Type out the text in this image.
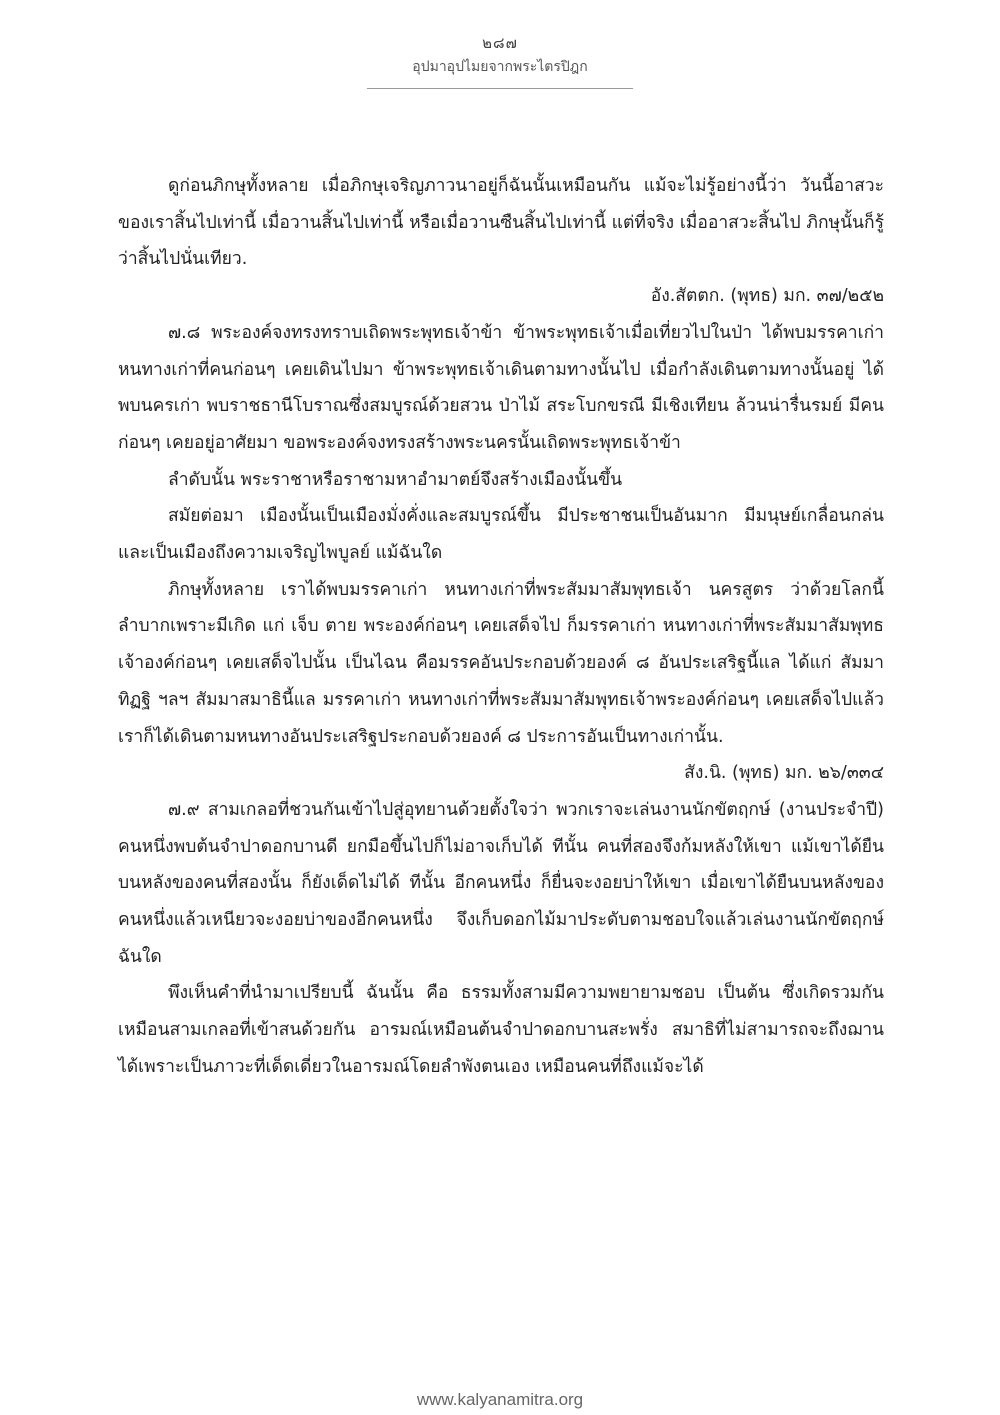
๒๘๗
อุปมาอุปไมยจากพระไตรปิฎก

ดูก่อนภิกษุทั้งหลาย เมื่อภิกษุเจริญภาวนาอยู่ก็ฉันนั้นเหมือนกัน แม้จะไม่รู้อย่างนี้ว่า วันนี้อาสวะของเราสิ้นไปเท่านี้ เมื่อวานสิ้นไปเท่านี้ หรือเมื่อวานซืนสิ้นไปเท่านี้ แต่ที่จริง เมื่ออาสวะสิ้นไป ภิกษุนั้นก็รู้ว่าสิ้นไปนั่นเทียว.

อัง.สัตตก. (พุทธ) มก. ๓๗/๒๕๒

๗.๘ พระองค์จงทรงทราบเถิดพระพุทธเจ้าข้า ข้าพระพุทธเจ้าเมื่อเที่ยวไปในป่า ได้พบมรรคาเก่า หนทางเก่าที่คนก่อนๆ เคยเดินไปมา ข้าพระพุทธเจ้าเดินตามทางนั้นไป เมื่อกำลังเดินตามทางนั้นอยู่ ได้พบนครเก่า พบราชธานีโบราณซึ่งสมบูรณ์ด้วยสวน ป่าไม้ สระโบกขรณี มีเชิงเทียน ล้วนน่ารื่นรมย์ มีคนก่อนๆ เคยอยู่อาศัยมา ขอพระองค์จงทรงสร้างพระนครนั้นเถิดพระพุทธเจ้าข้า

ลำดับนั้น พระราชาหรือราชามหาอำมาตย์จึงสร้างเมืองนั้นขึ้น

สมัยต่อมา เมืองนั้นเป็นเมืองมั่งคั่งและสมบูรณ์ขึ้น มีประชาชนเป็นอันมาก มีมนุษย์เกลื่อนกล่น และเป็นเมืองถึงความเจริญไพบูลย์ แม้ฉันใด

ภิกษุทั้งหลาย เราได้พบมรรคาเก่า หนทางเก่าที่พระสัมมาสัมพุทธเจ้า นครสูตร ว่าด้วยโลกนี้ลำบากเพราะมีเกิด แก่ เจ็บ ตาย พระองค์ก่อนๆ เคยเสด็จไป ก็มรรคาเก่า หนทางเก่าที่พระสัมมาสัมพุทธเจ้าองค์ก่อนๆ เคยเสด็จไปนั้น เป็นไฉน คือมรรคอันประกอบด้วยองค์ ๘ อันประเสริฐนี้แล ได้แก่ สัมมาทิฏฐิ ฯลฯ สัมมาสมาธินี้แล มรรคาเก่า หนทางเก่าที่พระสัมมาสัมพุทธเจ้าพระองค์ก่อนๆ เคยเสด็จไปแล้ว เราก็ได้เดินตามหนทางอันประเสริฐประกอบด้วยองค์ ๘ ประการอันเป็นทางเก่านั้น.

สัง.นิ. (พุทธ) มก. ๒๖/๓๓๔

๗.๙ สามเกลอที่ชวนกันเข้าไปสู่อุทยานด้วยตั้งใจว่า พวกเราจะเล่นงานนักขัตฤกษ์ (งานประจำปี) คนหนึ่งพบต้นจำปาดอกบานดี ยกมือขึ้นไปก็ไม่อาจเก็บได้ ทีนั้น คนที่สองจึงก้มหลังให้เขา แม้เขาได้ยืนบนหลังของคนที่สองนั้น ก็ยังเด็ดไม่ได้ ทีนั้น อีกคนหนึ่ง ก็ยื่นจะงอยบ่าให้เขา เมื่อเขาได้ยืนบนหลังของคนหนึ่งแล้วเหนียวจะงอยบ่าของอีกคนหนึ่ง จึงเก็บดอกไม้มาประดับตามชอบใจแล้วเล่นงานนักขัตฤกษ์ ฉันใด

พึงเห็นคำที่นำมาเปรียบนี้ ฉันนั้น คือ ธรรมทั้งสามมีความพยายามชอบ เป็นต้น ซึ่งเกิดรวมกัน เหมือนสามเกลอที่เข้าสนด้วยกัน อารมณ์เหมือนต้นจำปาดอกบานสะพรั่ง สมาธิที่ไม่สามารถจะถึงฌานได้เพราะเป็นภาวะที่เด็ดเดี่ยวในอารมณ์โดยลำพังตนเอง เหมือนคนที่ถึงแม้จะได้

www.kalyanamitra.org
